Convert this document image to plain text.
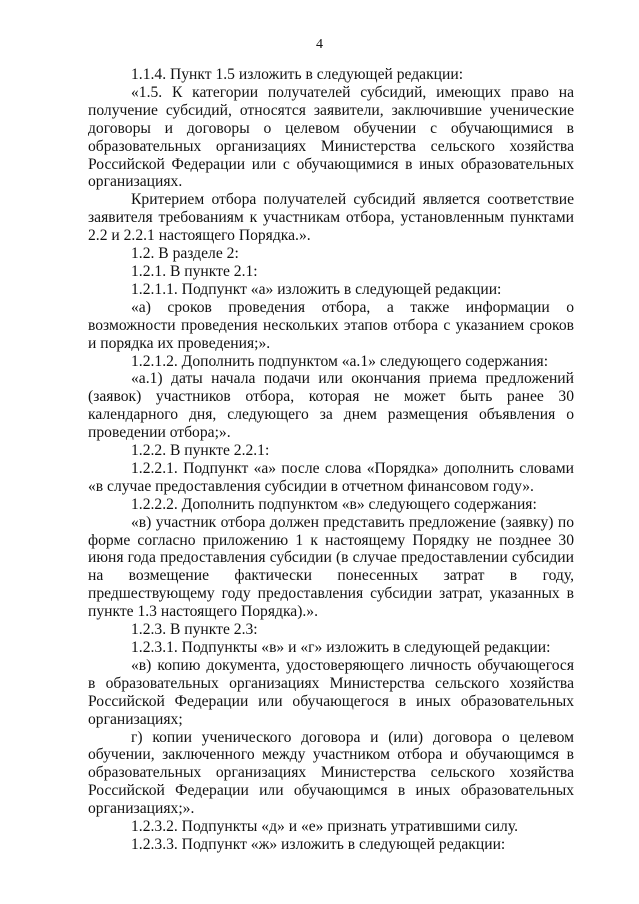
4

1.1.4. Пункт 1.5 изложить в следующей редакции:

«1.5. К категории получателей субсидий, имеющих право на получение субсидий, относятся заявители, заключившие ученические договоры и договоры о целевом обучении с обучающимися в образовательных организациях Министерства сельского хозяйства Российской Федерации или с обучающимися в иных образовательных организациях.

Критерием отбора получателей субсидий является соответствие заявителя требованиям к участникам отбора, установленным пунктами 2.2 и 2.2.1 настоящего Порядка.».

1.2. В разделе 2:

1.2.1. В пункте 2.1:

1.2.1.1. Подпункт «а» изложить в следующей редакции:

«а) сроков проведения отбора, а также информации о возможности проведения нескольких этапов отбора с указанием сроков и порядка их проведения;».

1.2.1.2. Дополнить подпунктом «а.1» следующего содержания:

«а.1) даты начала подачи или окончания приема предложений (заявок) участников отбора, которая не может быть ранее 30 календарного дня, следующего за днем размещения объявления о проведении отбора;».

1.2.2. В пункте 2.2.1:

1.2.2.1. Подпункт «а» после слова «Порядка» дополнить словами «в случае предоставления субсидии в отчетном финансовом году».

1.2.2.2. Дополнить подпунктом «в» следующего содержания:

«в) участник отбора должен представить предложение (заявку) по форме согласно приложению 1 к настоящему Порядку не позднее 30 июня года предоставления субсидии (в случае предоставлении субсидии на возмещение фактически понесенных затрат в году, предшествующему году предоставления субсидии затрат, указанных в пункте 1.3 настоящего Порядка).».

1.2.3. В пункте 2.3:

1.2.3.1. Подпункты «в» и «г» изложить в следующей редакции:

«в) копию документа, удостоверяющего личность обучающегося в образовательных организациях Министерства сельского хозяйства Российской Федерации или обучающегося в иных образовательных организациях;

г) копии ученического договора и (или) договора о целевом обучении, заключенного между участником отбора и обучающимся в образовательных организациях Министерства сельского хозяйства Российской Федерации или обучающимся в иных образовательных организациях;».

1.2.3.2. Подпункты «д» и «е» признать утратившими силу.

1.2.3.3. Подпункт «ж» изложить в следующей редакции:
